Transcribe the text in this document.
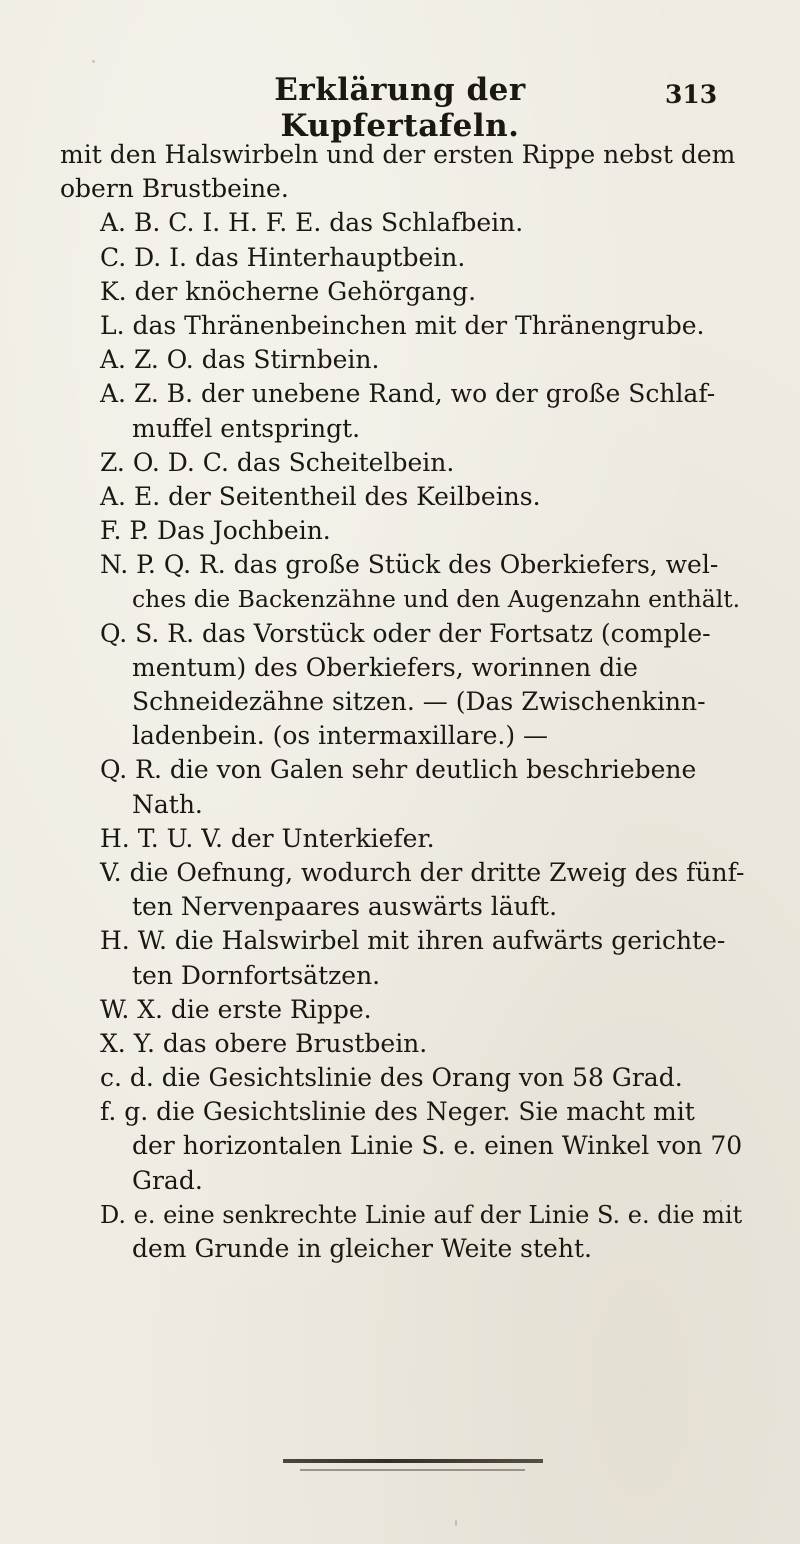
Erklärung der Kupfertafeln.
313
mit den Halswirbeln und der ersten Rippe nebst dem
obern Brustbeine.
A. B. C. I. H. F. E. das Schlafbein.
C. D. I. das Hinterhauptbein.
K. der knöcherne Gehörgang.
L. das Thränenbeinchen mit der Thränengrube.
A. Z. O. das Stirnbein.
A. Z. B. der unebene Rand, wo der große Schlaf-
muffel entspringt.
Z. O. D. C. das Scheitelbein.
A. E. der Seitentheil des Keilbeins.
F. P. Das Jochbein.
N. P. Q. R. das große Stück des Oberkiefers, wel-
ches die Backenzähne und den Augenzahn enthält.
Q. S. R. das Vorstück oder der Fortsatz (comple-
mentum) des Oberkiefers, worinnen die
Schneidezähne sitzen. — (Das Zwischenkinn-
ladenbein. (os intermaxillare.) —
Q. R. die von Galen sehr deutlich beschriebene
Nath.
H. T. U. V. der Unterkiefer.
V. die Oefnung, wodurch der dritte Zweig des fünf-
ten Nervenpaares auswärts läuft.
H. W. die Halswirbel mit ihren aufwärts gerichte-
ten Dornfortsätzen.
W. X. die erste Rippe.
X. Y. das obere Brustbein.
c. d. die Gesichtslinie des Orang von 58 Grad.
f. g. die Gesichtslinie des Neger. Sie macht mit
der horizontalen Linie S. e. einen Winkel von 70
Grad.
D. e. eine senkrechte Linie auf der Linie S. e. die mit
dem Grunde in gleicher Weite steht.
